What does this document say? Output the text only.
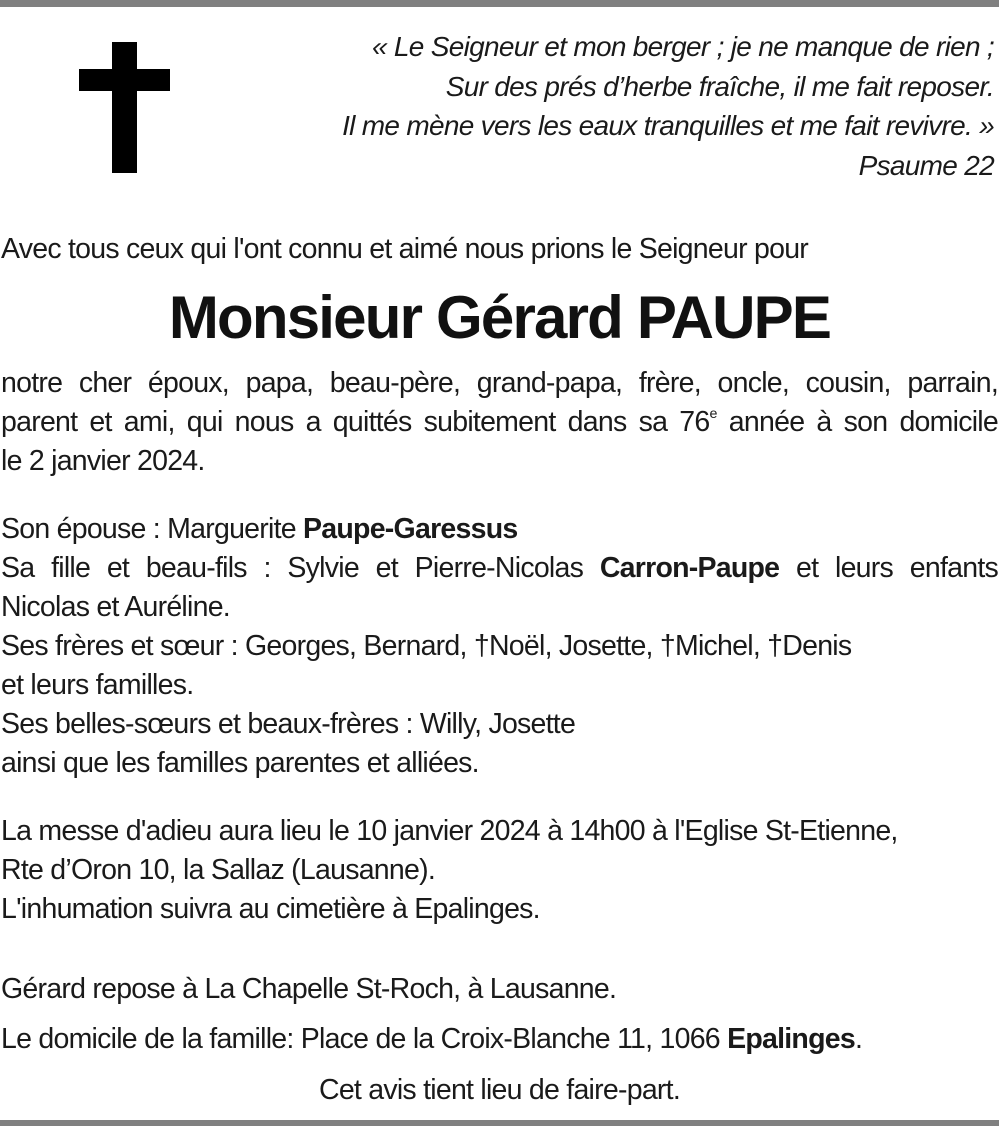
« Le Seigneur et mon berger ; je ne manque de rien ;
Sur des prés d’herbe fraîche, il me fait reposer.
Il me mène vers les eaux tranquilles et me fait revivre. »
Psaume 22
Avec tous ceux qui l'ont connu et aimé nous prions le Seigneur pour
Monsieur Gérard PAUPE
notre cher époux, papa, beau-père, grand-papa, frère, oncle, cousin, parrain,
parent et ami, qui nous a quittés subitement dans sa 76e année à son domicile
le 2 janvier 2024.
Son épouse : Marguerite Paupe-Garessus
Sa fille et beau-fils : Sylvie et Pierre-Nicolas Carron-Paupe et leurs enfants
Nicolas et Auréline.
Ses frères et sœur : Georges, Bernard, †Noël, Josette, †Michel, †Denis
et leurs familles.
Ses belles-sœurs et beaux-frères : Willy, Josette
ainsi que les familles parentes et alliées.
La messe d'adieu aura lieu le 10 janvier 2024 à 14h00 à l'Eglise St-Etienne,
Rte d’Oron 10, la Sallaz (Lausanne).
L'inhumation suivra au cimetière à Epalinges.
Gérard repose à La Chapelle St-Roch, à Lausanne.
Le domicile de la famille: Place de la Croix-Blanche 11, 1066 Epalinges.
Cet avis tient lieu de faire-part.
